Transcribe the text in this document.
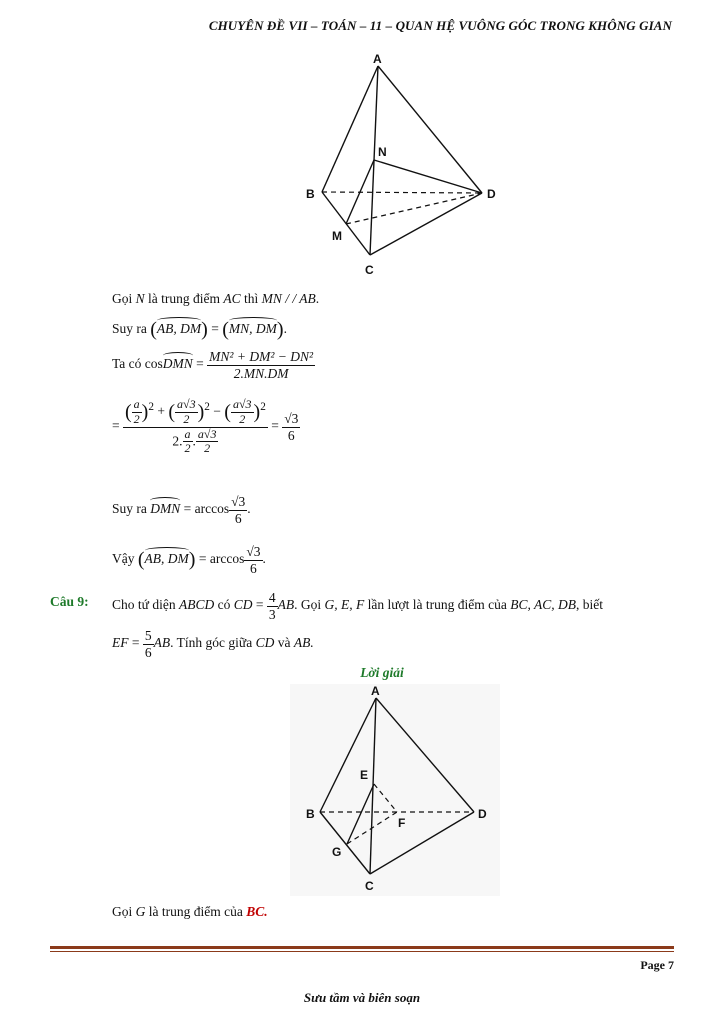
CHUYÊN ĐỀ VII – TOÁN – 11 – QUAN HỆ VUÔNG GÓC TRONG KHÔNG GIAN
A
N
B	D
M
C
Gọi N là trung điểm AC thì MN / / AB.
Suy ra (AB, DM) = (MN, DM).
Ta có cosDMN = $\frac{\text{MN² + DM² − DN²}}{2.MN.DM}$
= $\frac{( \frac{a}{2} )^2 + ( \frac{a√3}{2} )^2 - ( \frac{a√3}{2} )^2}{2. \frac{a}{2} . \frac{a√3}{2}} = \frac{√3}{6}$
Suy ra DMN = $\arccos \frac{√3}{6}$ .
Vậy (AB, $DM) = \arccos \frac{√3}{6}$ .
Câu 9: Cho tứ diện ABCD có CD = $\frac{4}{3}$ AB. Gọi G, E, F lần lượt là trung điểm của BC, AC, DB, biết
EF = $\frac{5}{6}$ AB. Tính góc giữa CD và AB.
Lời giải
A
E
B	D
F
G
C
Gọi G là trung điểm của BC.
Page 7
Sưu tầm và biên soạn
